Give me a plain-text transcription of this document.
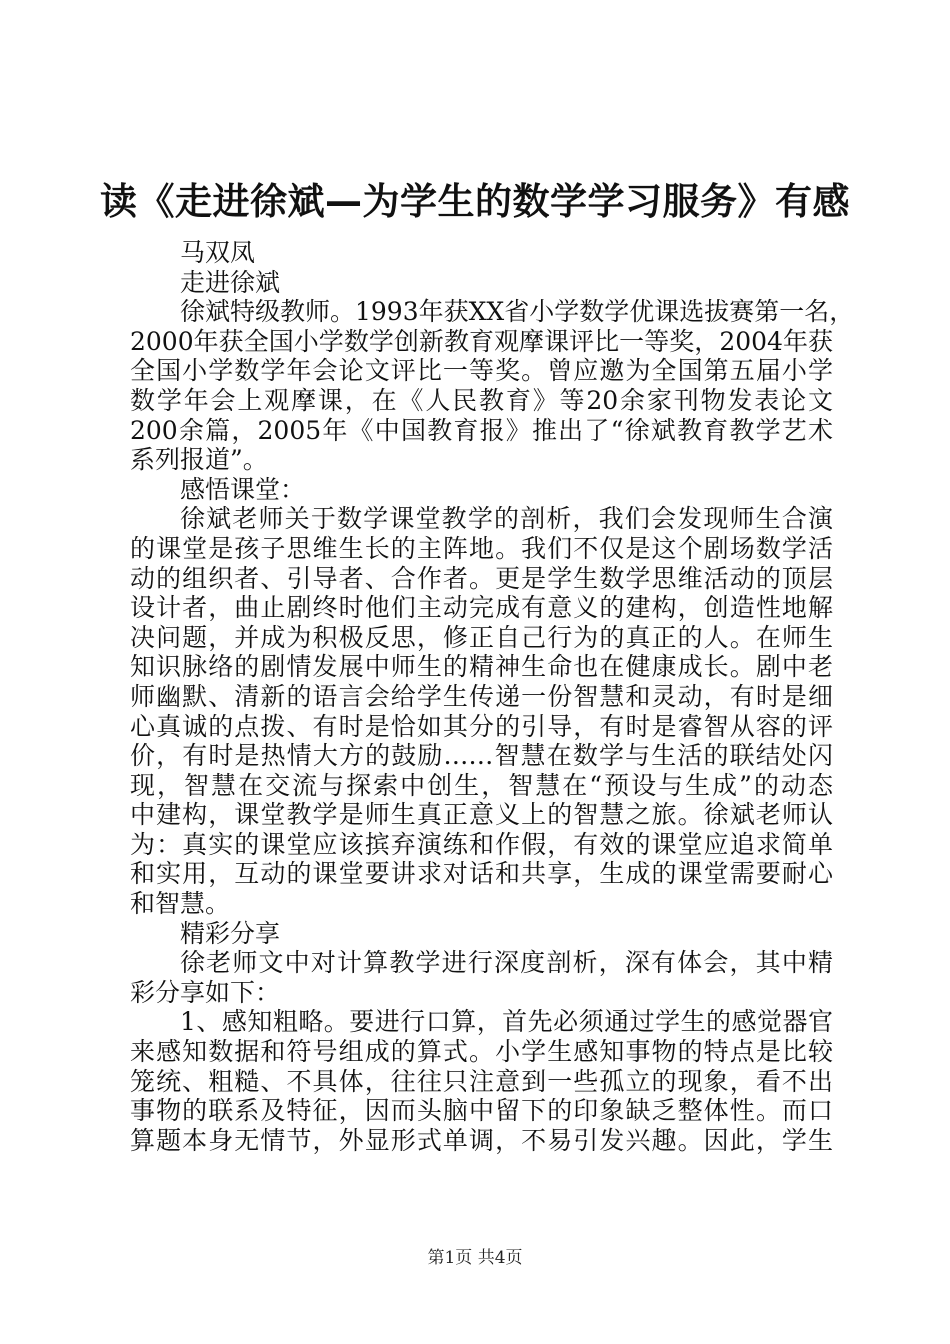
读《走进徐斌—为学生的数学学习服务》有感
马双凤
走进徐斌
徐斌特级教师。1993年获XX省小学数学优课选拔赛第一名，
2000年获全国小学数学创新教育观摩课评比一等奖，2004年获
全国小学数学年会论文评比一等奖。曾应邀为全国第五届小学
数学年会上观摩课，在《人民教育》等20余家刊物发表论文
200余篇，2005年《中国教育报》推出了“徐斌教育教学艺术
系列报道”。
感悟课堂：
徐斌老师关于数学课堂教学的剖析，我们会发现师生合演
的课堂是孩子思维生长的主阵地。我们不仅是这个剧场数学活
动的组织者、引导者、合作者。更是学生数学思维活动的顶层
设计者，曲止剧终时他们主动完成有意义的建构，创造性地解
决问题，并成为积极反思，修正自己行为的真正的人。在师生
知识脉络的剧情发展中师生的精神生命也在健康成长。剧中老
师幽默、清新的语言会给学生传递一份智慧和灵动，有时是细
心真诚的点拨、有时是恰如其分的引导，有时是睿智从容的评
价，有时是热情大方的鼓励……智慧在数学与生活的联结处闪
现，智慧在交流与探索中创生，智慧在“预设与生成”的动态
中建构，课堂教学是师生真正意义上的智慧之旅。徐斌老师认
为：真实的课堂应该摈弃演练和作假，有效的课堂应追求简单
和实用，互动的课堂要讲求对话和共享，生成的课堂需要耐心
和智慧。
精彩分享
徐老师文中对计算教学进行深度剖析，深有体会，其中精
彩分享如下：
1、感知粗略。要进行口算，首先必须通过学生的感觉器官
来感知数据和符号组成的算式。小学生感知事物的特点是比较
笼统、粗糙、不具体，往往只注意到一些孤立的现象，看不出
事物的联系及特征，因而头脑中留下的印象缺乏整体性。而口
算题本身无情节，外显形式单调，不易引发兴趣。因此，学生
第1页 共4页
